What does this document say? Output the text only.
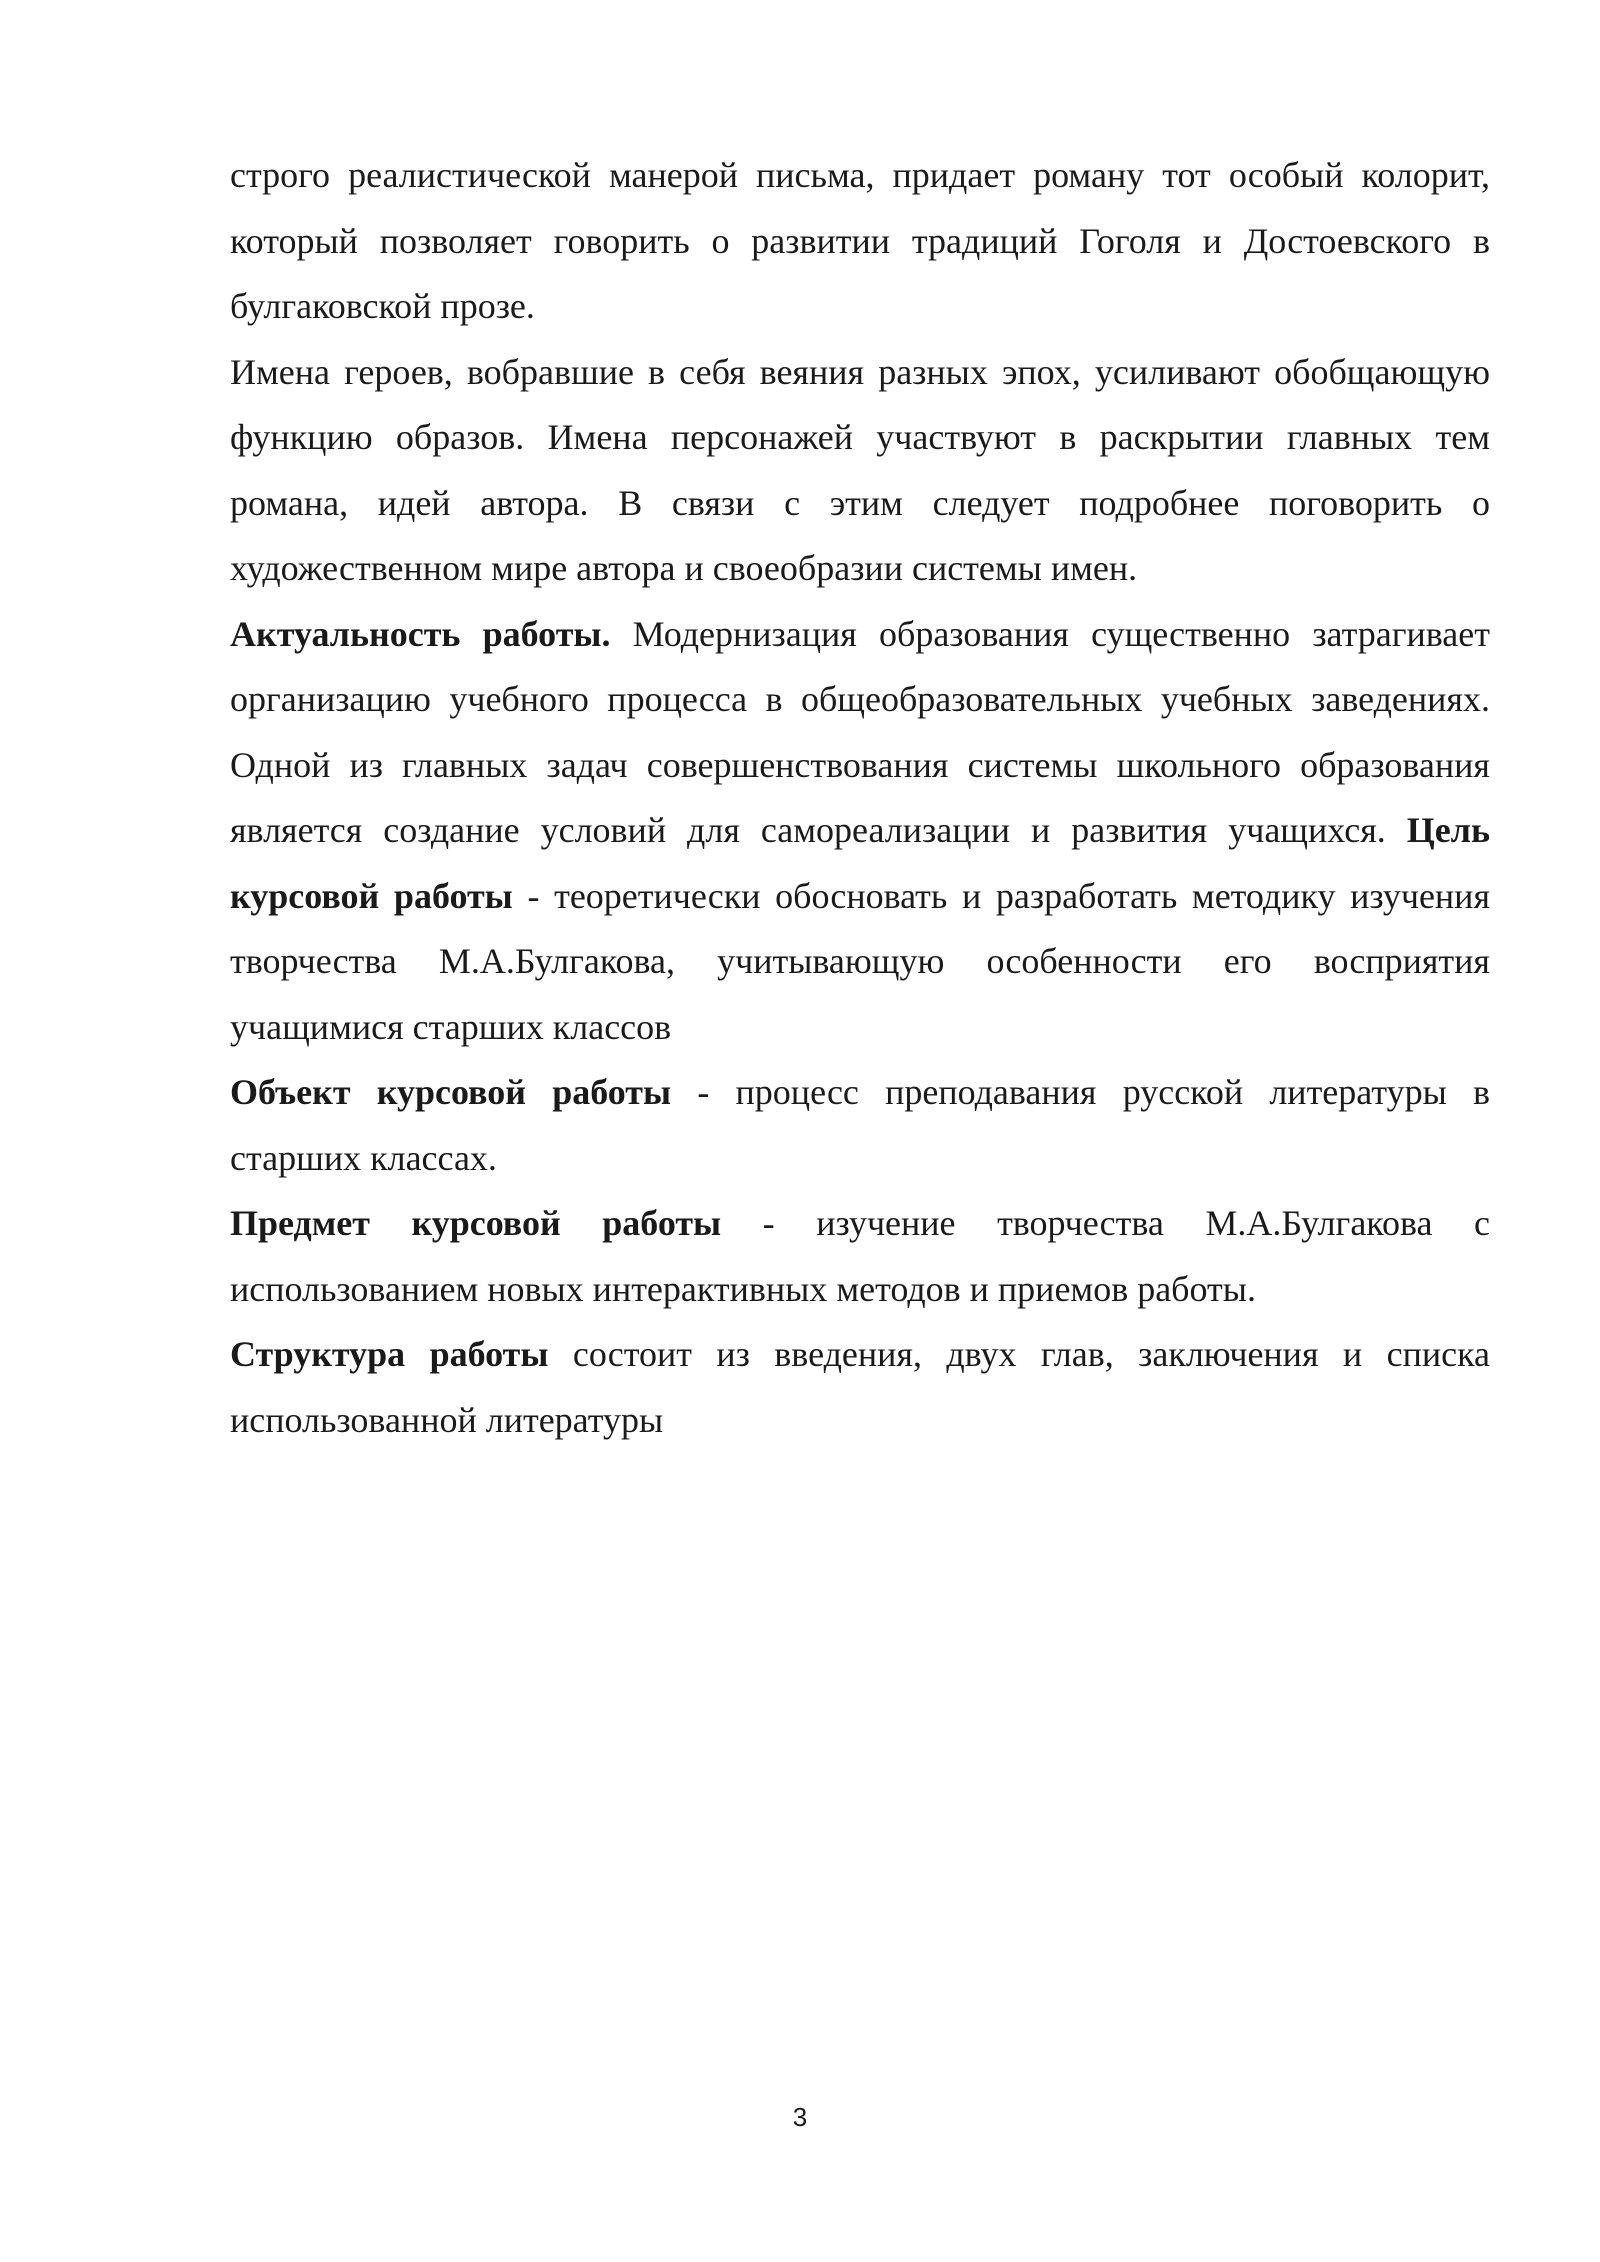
строго реалистической манерой письма, придает роману тот особый колорит, который позволяет говорить о развитии традиций Гоголя и Достоевского в булгаковской прозе.

Имена героев, вобравшие в себя веяния разных эпох, усиливают обобщающую функцию образов. Имена персонажей участвуют в раскрытии главных тем романа, идей автора. В связи с этим следует подробнее поговорить о художественном мире автора и своеобразии системы имен.

Актуальность работы. Модернизация образования существенно затрагивает организацию учебного процесса в общеобразовательных учебных заведениях. Одной из главных задач совершенствования системы школьного образования является создание условий для самореализации и развития учащихся. Цель курсовой работы - теоретически обосновать и разработать методику изучения творчества М.А.Булгакова, учитывающую особенности его восприятия учащимися старших классов

Объект курсовой работы - процесс преподавания русской литературы в старших классах.

Предмет курсовой работы - изучение творчества М.А.Булгакова с использованием новых интерактивных методов и приемов работы.

Структура работы состоит из введения, двух глав, заключения и списка использованной литературы

3
